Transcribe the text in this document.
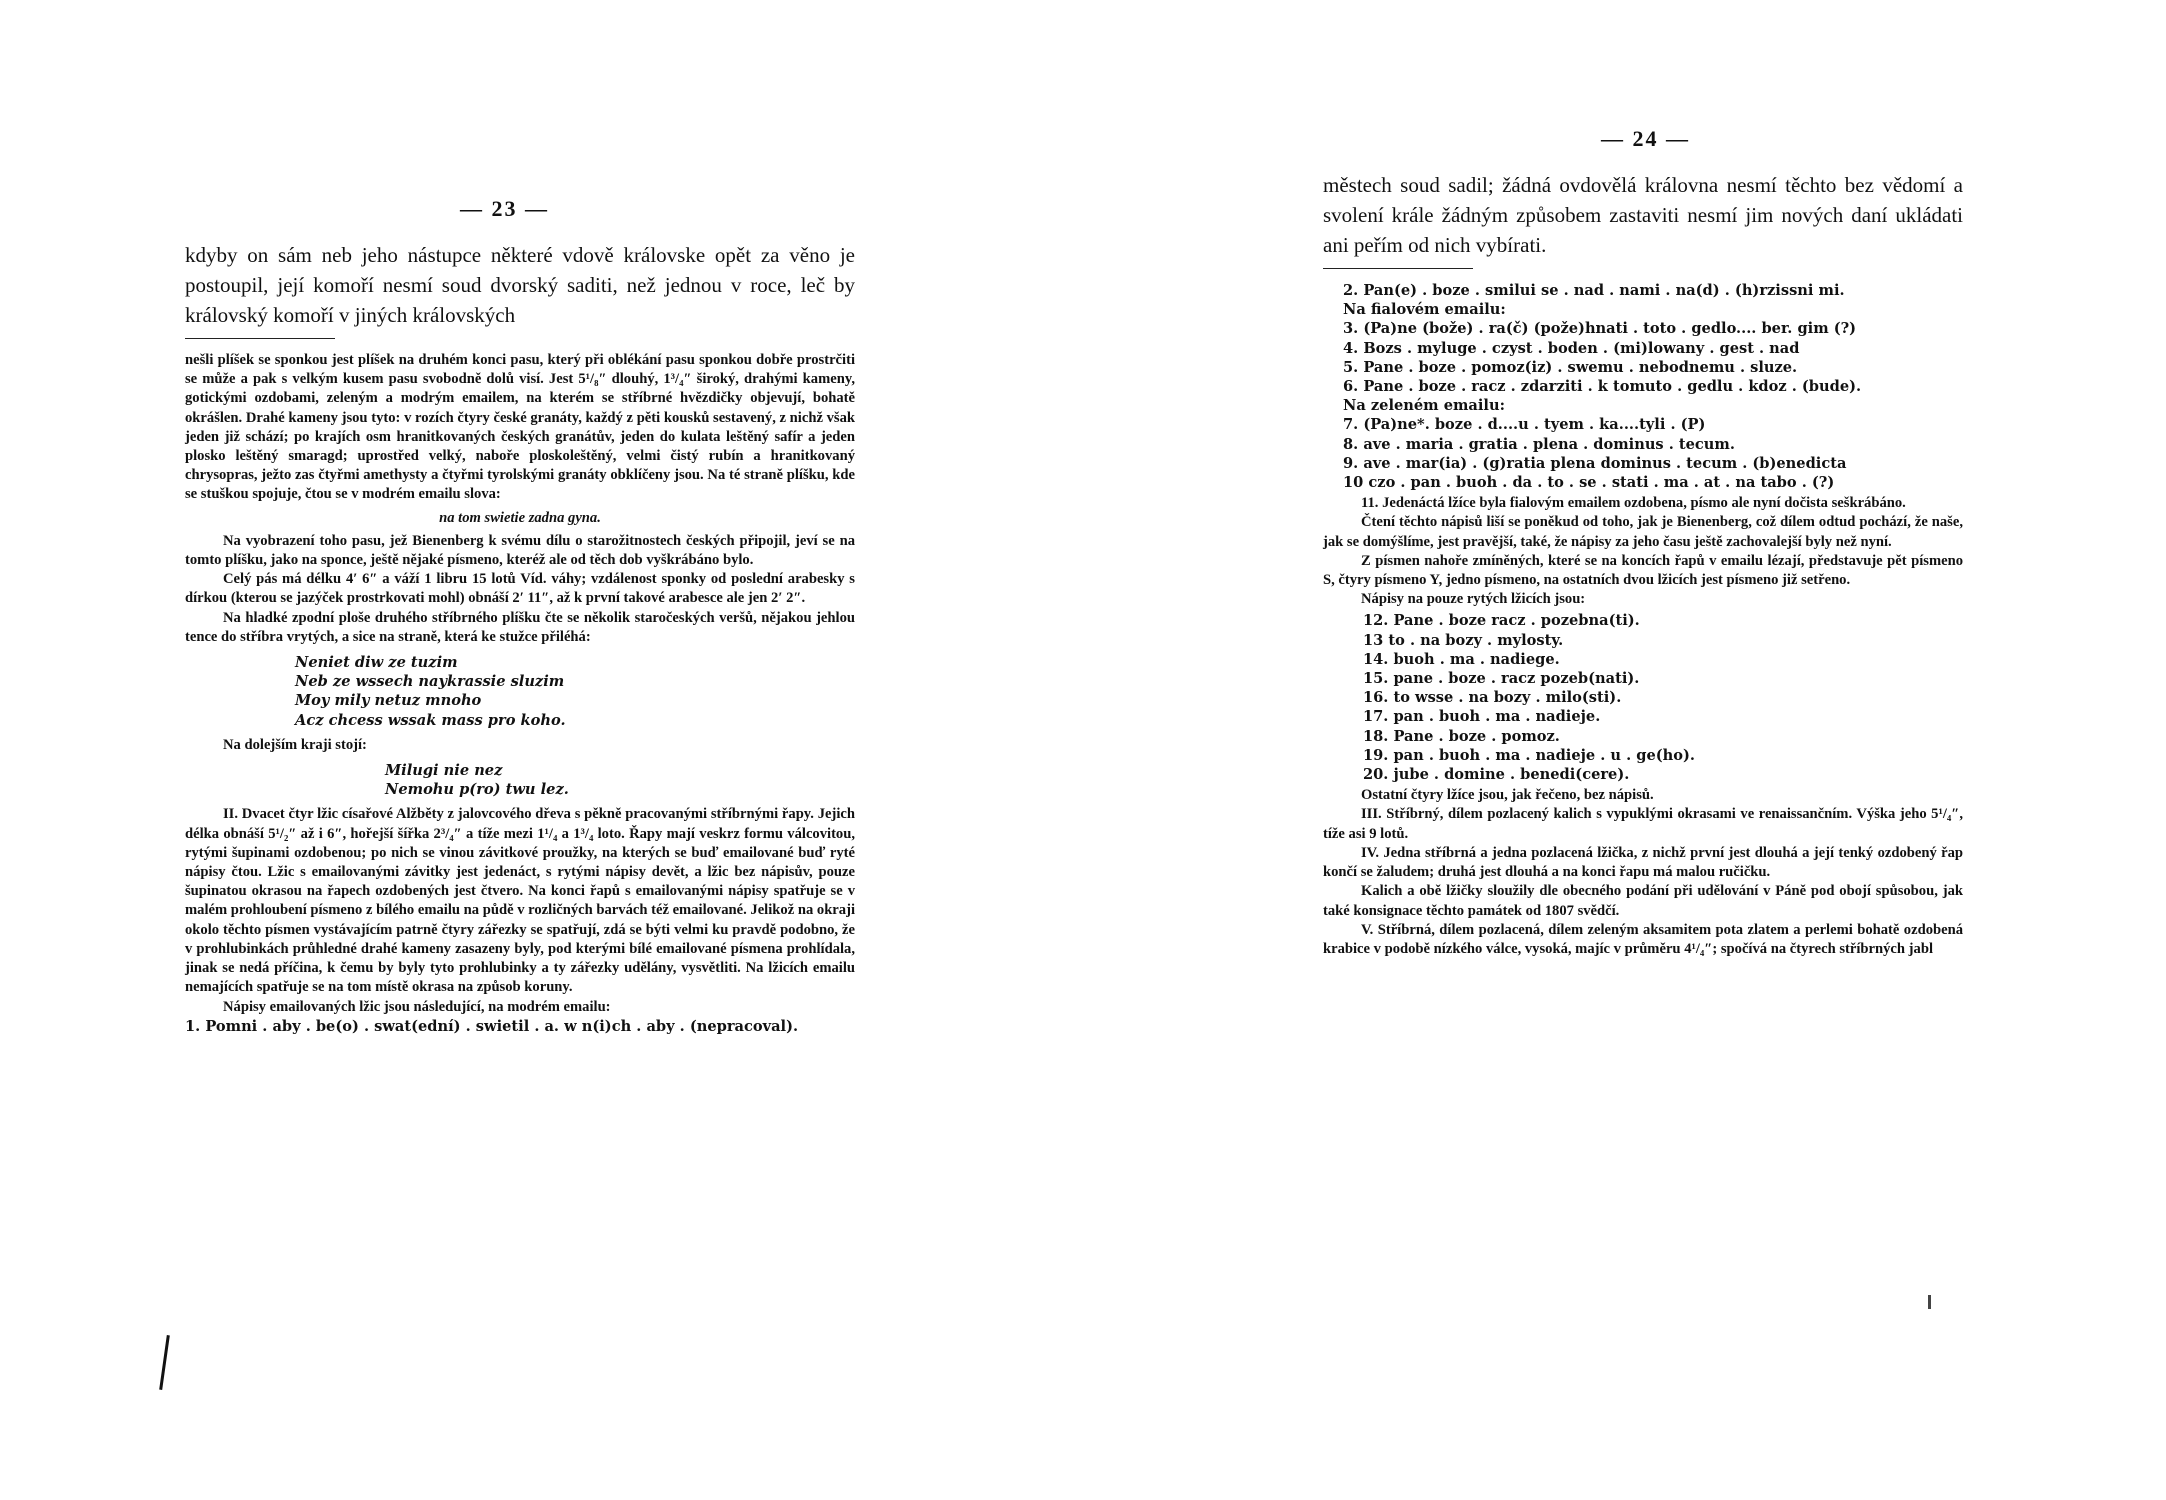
— 23 —
kdyby on sám neb jeho nástupce některé vdově královske opět za věno je postoupil, její komoří nesmí soud dvorský saditi, než jednou v roce, leč by královský komoří v jiných královských

nešli plíšek se sponkou jest plíšek na druhém konci pasu, který při oblékání pasu sponkou dobře prostrčiti se může a pak s velkým kusem pasu svobodně dolů visí. Jest 5¹/₈″ dlouhý, 1³/₄″ široký, drahými kameny, gotickými ozdobami, zeleným a modrým emailem, na kterém se stříbrné hvězdičky objevují, bohatě okrášlen. Drahé kameny jsou tyto: v rozích čtyry české granáty, každý z pěti kousků sestavený, z nichž však jeden již schází; po krajích osm hranitkovaných českých granátův, jeden do kulata leštěný safír a jeden plosko leštěný smaragd; uprostřed velký, naboře ploskoleštěný, velmi čistý rubín a hranitkovaný chrysopras, ježto zas čtyřmi amethysty a čtyřmi tyrolskými granáty obklíčeny jsou. Na té straně plíšku, kde se stuškou spojuje, čtou se v modrém emailu slova:

na tom swietie zadna gyna.

Na vyobrazení toho pasu, jež Bienenberg k svému dílu o starožitnostech českých připojil, jeví se na tomto plíšku, jako na sponce, ještě nějaké písmeno, kteréž ale od těch dob vyškrábáno bylo.

Celý pás má délku 4′ 6″ a váží 1 libru 15 lotů Víd. váhy; vzdálenost sponky od poslední arabesky s dírkou (kterou se jazýček prostrkovati mohl) obnáší 2′ 11″, až k první takové arabesce ale jen 2′ 2″.

Na hladké zpodní ploše druhého stříbrného plíšku čte se několik staročeských veršů, nějakou jehlou tence do stříbra vrytých, a sice na straně, která ke stužce přiléhá:

Neniet diw ze tuzim
Neb ze wssech naykrassie sluzim
Moy mily netuz mnoho
Acz chcess wssak mass pro koho.

Na dolejším kraji stojí:

Milugi nie nez
Nemohu p(ro) twu lez.

II. Dvacet čtyr lžic císařové Alžběty z jalovcového dřeva s pěkně pracovanými stříbrnými řapy. Jejich délka obnáší 5¹/₂″ až i 6″, hořejší šířka 2³/₄″ a tíže mezi 1¹/₄ a 1³/₄ loto. Řapy mají veskrz formu válcovitou, rytými šupinami ozdobenou; po nich se vinou závitkové proužky, na kterých se buď emailované buď ryté nápisy čtou. Lžic s emailovanými závitky jest jedenáct, s rytými nápisy devět, a lžic bez nápisův, pouze šupinatou okrasou na řapech ozdobených jest čtvero. Na konci řapů s emailovanými nápisy spatřuje se v malém prohloubení písmeno z bílého emailu na půdě v rozličných barvách též emailované. Jelikož na okraji okolo těchto písmen vystávajícím patrně čtyry zářezky se spatřují, zdá se býti velmi ku pravdě podobno, že v prohlubinkách průhledné drahé kameny zasazeny byly, pod kterými bílé emailované písmena prohlídala, jinak se nedá příčina, k čemu by byly tyto prohlubinky a ty zářezky udělány, vysvětliti. Na lžicích emailu nemajících spatřuje se na tom místě okrasa na způsob koruny.

Nápisy emailovaných lžic jsou následující, na modrém emailu:

1. Pomni . aby . be(o) . swat(ední) . swietil . a. w n(i)ch . aby . (nepracoval).

— 24 —
městech soud sadil; žádná ovdovělá královna nesmí těchto bez vědomí a svolení krále žádným způsobem zastaviti nesmí jim nových daní ukládati ani peřím od nich vybírati.
2. Pan(e) . boze . smilui se . nad . nami . na(d) . (h)rzissni mi.
Na fialovém emailu:
3. (Pa)ne (bože) . ra(č) (pože)hnati . toto . gedlo.... ber. gim (?)
4. Bozs . myluge . czyst . boden . (mi)lowany . gest . nad
5. Pane . boze . pomoz(iz) . swemu . nebodnemu . sluze.
6. Pane . boze . racz . zdarziti . k tomuto . gedlu . kdoz . (bude).
Na zeleném emailu:
7. (Pa)ne*. boze . d....u . tyem . ka....tyli . (P)
8. ave . maria . gratia . plena . dominus . tecum.
9. ave . mar(ia) . (g)ratia plena dominus . tecum . (b)enedicta
10 czo . pan . buoh . da . to . se . stati . ma . at . na tabo . (?)

11. Jedenáctá lžíce byla fialovým emailem ozdobena, písmo ale nyní dočista seškrábáno.

Čtení těchto nápisů liší se poněkud od toho, jak je Bienenberg, což dílem odtud pochází, že naše, jak se domýšlíme, jest pravější, také, že nápisy za jeho času ještě zachovalejší byly než nyní.

Z písmen nahoře zmíněných, které se na koncích řapů v emailu lézají, představuje pět písmeno S, čtyry písmeno Y, jedno písmeno, na ostatních dvou lžicích jest písmeno již setřeno.

Nápisy na pouze rytých lžicích jsou:

12. Pane . boze racz . pozebna(ti).
13 to . na bozy . mylosty.
14. buoh . ma . nadiege.
15. pane . boze . racz pozeb(nati).
16. to wsse . na bozy . milo(sti).
17. pan . buoh . ma . nadieje.
18. Pane . boze . pomoz.
19. pan . buoh . ma . nadieje . u . ge(ho).
20. jube . domine . benedi(cere).

Ostatní čtyry lžíce jsou, jak řečeno, bez nápisů.

III. Stříbrný, dílem pozlacený kalich s vypuklými okrasami ve renaissančním. Výška jeho 5¹/₄″, tíže asi 9 lotů.

IV. Jedna stříbrná a jedna pozlacená lžička, z nichž první jest dlouhá a její tenký ozdobený řap končí se žaludem; druhá jest dlouhá a na konci řapu má malou ručičku.

Kalich a obě lžičky sloužily dle obecného podání při udělování v Páně pod obojí spůsobou, jak také konsignace těchto památek od 1807 svědčí.

V. Stříbrná, dílem pozlacená, dílem zeleným aksamitem pota zlatem a perlemi bohatě ozdobená krabice v podobě nízkého válce, vysoká, majíc v průměru 4¹/₄″; spočívá na čtyrech stříbrných jabl
